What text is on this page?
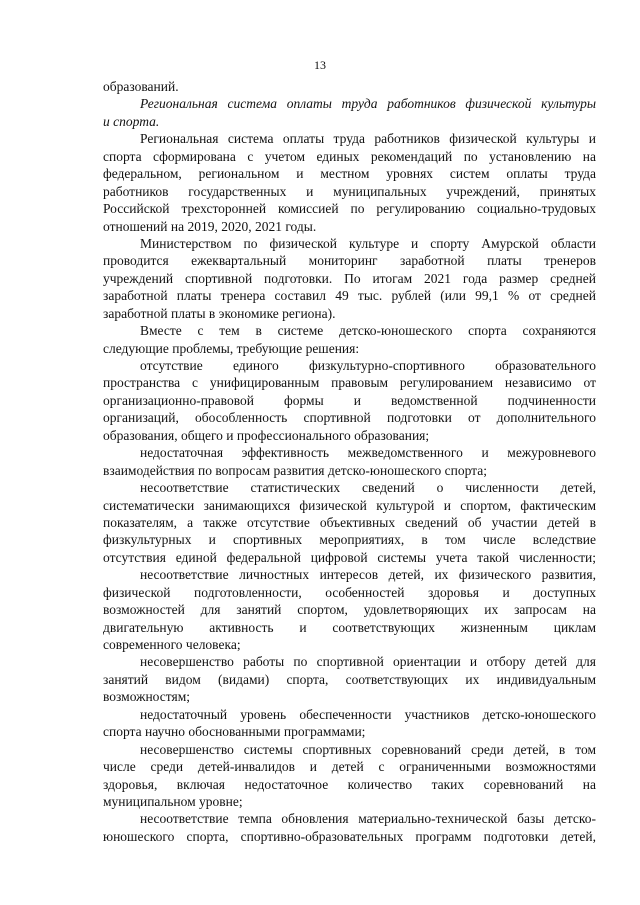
13
образований.
Региональная система оплаты труда работников физической культуры
и спорта.
Региональная система оплаты труда работников физической культуры и
спорта сформирована с учетом единых рекомендаций по установлению на
федеральном, региональном и местном уровнях систем оплаты труда
работников государственных и муниципальных учреждений, принятых
Российской трехсторонней комиссией по регулированию социально-трудовых
отношений на 2019, 2020, 2021 годы.
Министерством по физической культуре и спорту Амурской области
проводится ежеквартальный мониторинг заработной платы тренеров
учреждений спортивной подготовки. По итогам 2021 года размер средней
заработной платы тренера составил 49 тыс. рублей (или 99,1 % от средней
заработной платы в экономике региона).
Вместе с тем в системе детско-юношеского спорта сохраняются
следующие проблемы, требующие решения:
отсутствие единого физкультурно-спортивного образовательного
пространства с унифицированным правовым регулированием независимо от
организационно-правовой формы и ведомственной подчиненности
организаций, обособленность спортивной подготовки от дополнительного
образования, общего и профессионального образования;
недостаточная эффективность межведомственного и межуровневого
взаимодействия по вопросам развития детско-юношеского спорта;
несоответствие статистических сведений о численности детей,
систематически занимающихся физической культурой и спортом, фактическим
показателям, а также отсутствие объективных сведений об участии детей в
физкультурных и спортивных мероприятиях, в том числе вследствие
отсутствия единой федеральной цифровой системы учета такой численности;
несоответствие личностных интересов детей, их физического развития,
физической подготовленности, особенностей здоровья и доступных
возможностей для занятий спортом, удовлетворяющих их запросам на
двигательную активность и соответствующих жизненным циклам
современного человека;
несовершенство работы по спортивной ориентации и отбору детей для
занятий видом (видами) спорта, соответствующих их индивидуальным
возможностям;
недостаточный уровень обеспеченности участников детско-юношеского
спорта научно обоснованными программами;
несовершенство системы спортивных соревнований среди детей, в том
числе среди детей-инвалидов и детей с ограниченными возможностями
здоровья, включая недостаточное количество таких соревнований на
муниципальном уровне;
несоответствие темпа обновления материально-технической базы детско-
юношеского спорта, спортивно-образовательных программ подготовки детей,
